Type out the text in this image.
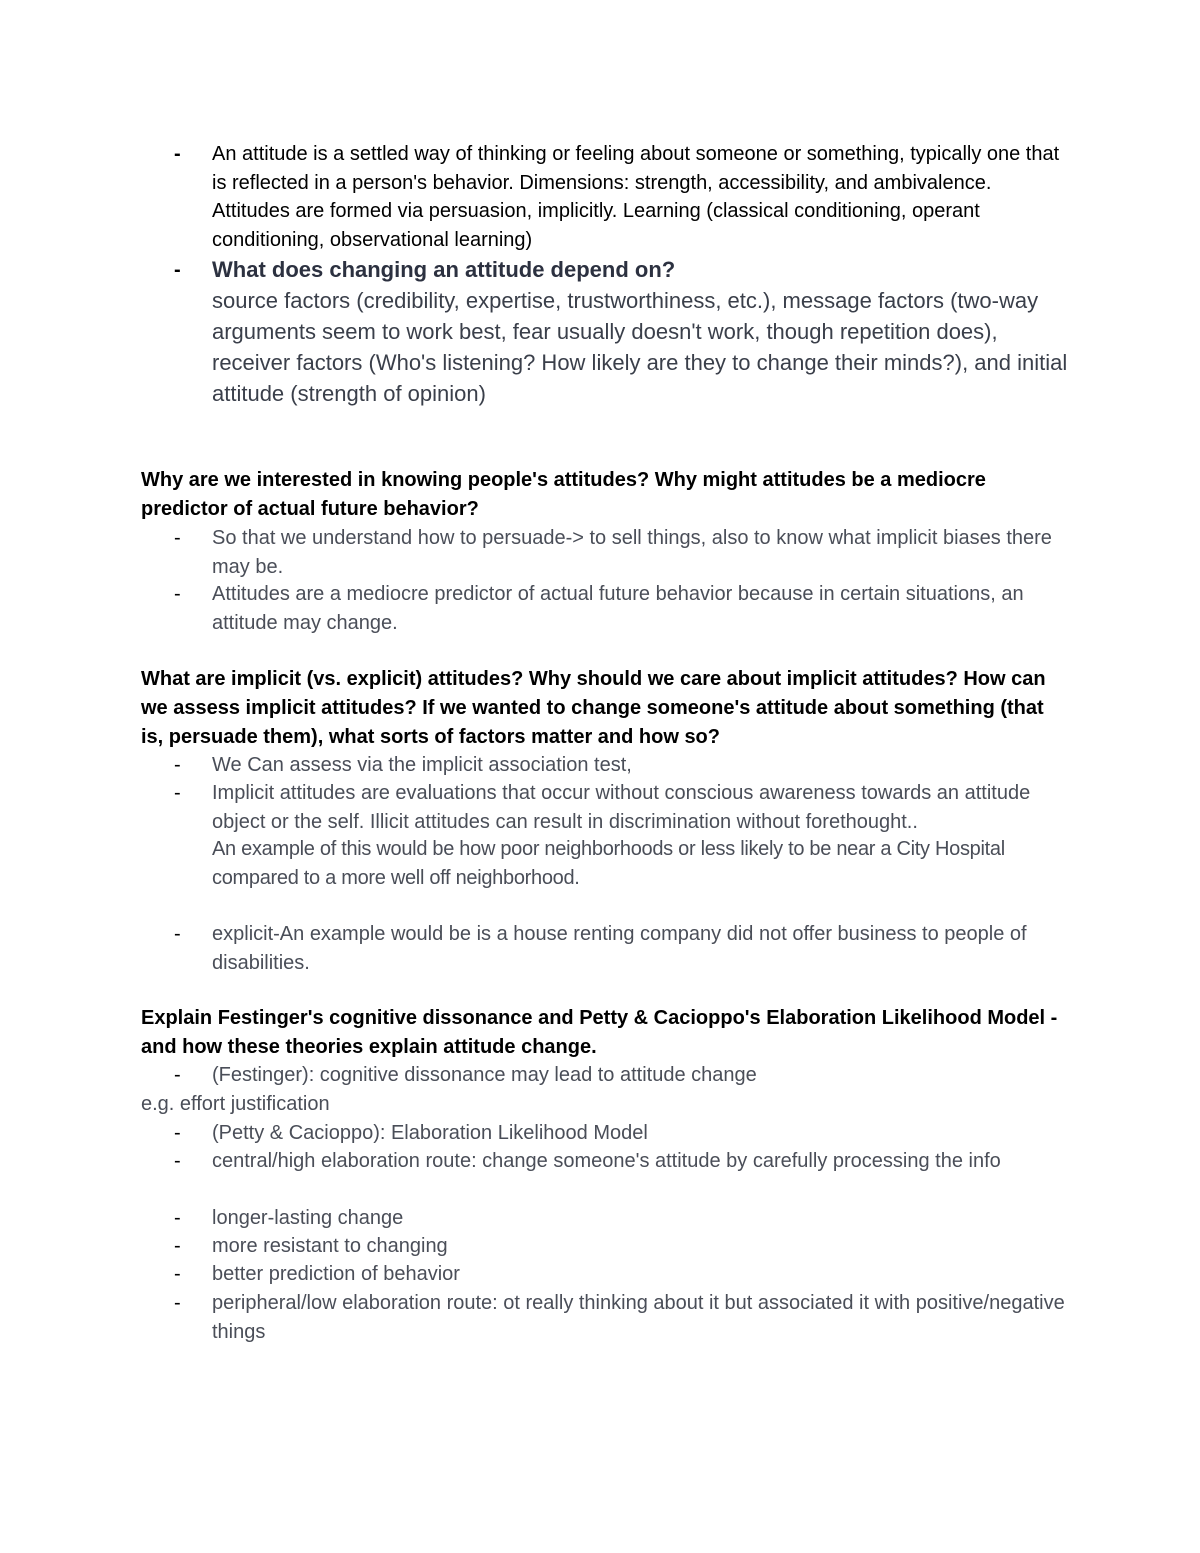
- An attitude is a settled way of thinking or feeling about someone or something, typically one that is reflected in a person's behavior. Dimensions: strength, accessibility, and ambivalence. Attitudes are formed via persuasion, implicitly. Learning (classical conditioning, operant conditioning, observational learning)
- What does changing an attitude depend on?
source factors (credibility, expertise, trustworthiness, etc.), message factors (two-way arguments seem to work best, fear usually doesn't work, though repetition does), receiver factors (Who's listening? How likely are they to change their minds?), and initial attitude (strength of opinion)
Why are we interested in knowing people's attitudes? Why might attitudes be a mediocre predictor of actual future behavior?
- So that we understand how to persuade-> to sell things, also to know what implicit biases there may be.
- Attitudes are a mediocre predictor of actual future behavior because in certain situations, an attitude may change.
What are implicit (vs. explicit) attitudes? Why should we care about implicit attitudes? How can we assess implicit attitudes? If we wanted to change someone's attitude about something (that is, persuade them), what sorts of factors matter and how so?
- We Can assess via the implicit association test,
- Implicit attitudes are evaluations that occur without conscious awareness towards an attitude object or the self. Illicit attitudes can result in discrimination without forethought..
An example of this would be how poor neighborhoods or less likely to be near a City Hospital compared to a more well off neighborhood.
- explicit-An example would be is a house renting company did not offer business to people of disabilities.
Explain Festinger's cognitive dissonance and Petty & Cacioppo's Elaboration Likelihood Model - and how these theories explain attitude change.
- (Festinger): cognitive dissonance may lead to attitude change
e.g. effort justification
- (Petty & Cacioppo): Elaboration Likelihood Model
- central/high elaboration route: change someone's attitude by carefully processing the info
- longer-lasting change
- more resistant to changing
- better prediction of behavior
- peripheral/low elaboration route: ot really thinking about it but associated it with positive/negative things
